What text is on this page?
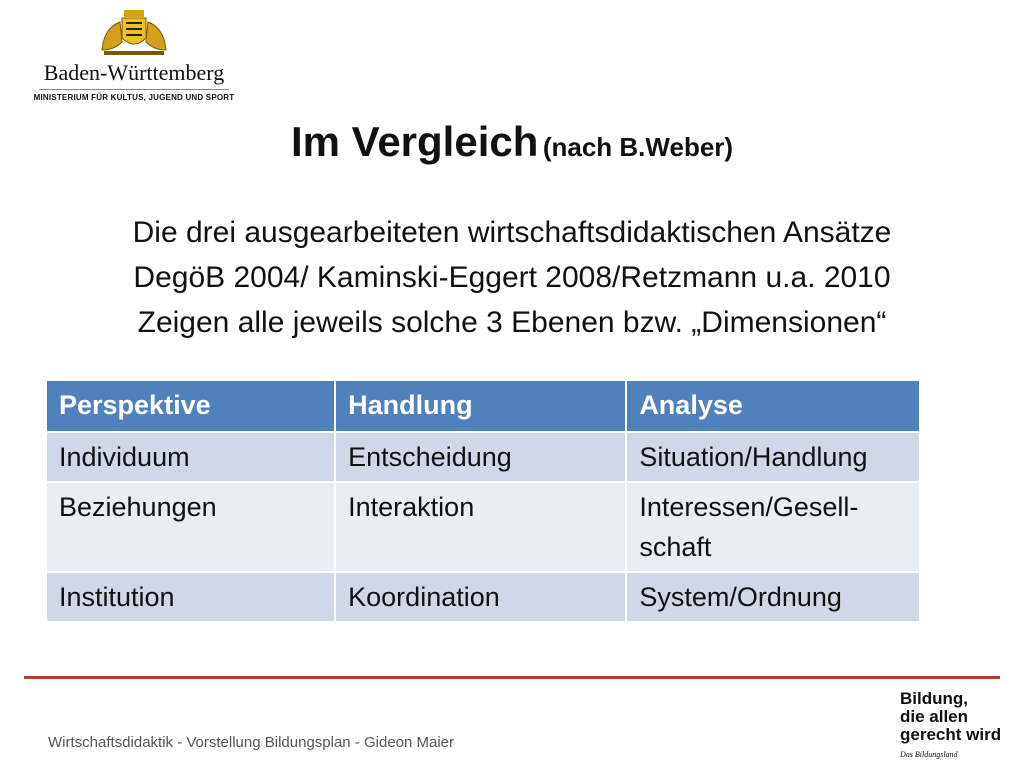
Baden-Württemberg
MINISTERIUM FÜR KULTUS, JUGEND UND SPORT
Im Vergleich (nach B.Weber)
Die drei ausgearbeiteten wirtschaftsdidaktischen Ansätze
DegöB 2004/ Kaminski-Eggert 2008/Retzmann u.a. 2010
Zeigen alle jeweils solche 3 Ebenen bzw. „Dimensionen“
Perspektive	Handlung	Analyse
Individuum	Entscheidung	Situation/Handlung
Beziehungen	Interaktion	Interessen/Gesell-schaft
Institution	Koordination	System/Ordnung
Wirtschaftsdidaktik - Vorstellung Bildungsplan - Gideon Maier
Bildung,
die allen
gerecht wird
Das Bildungsland
